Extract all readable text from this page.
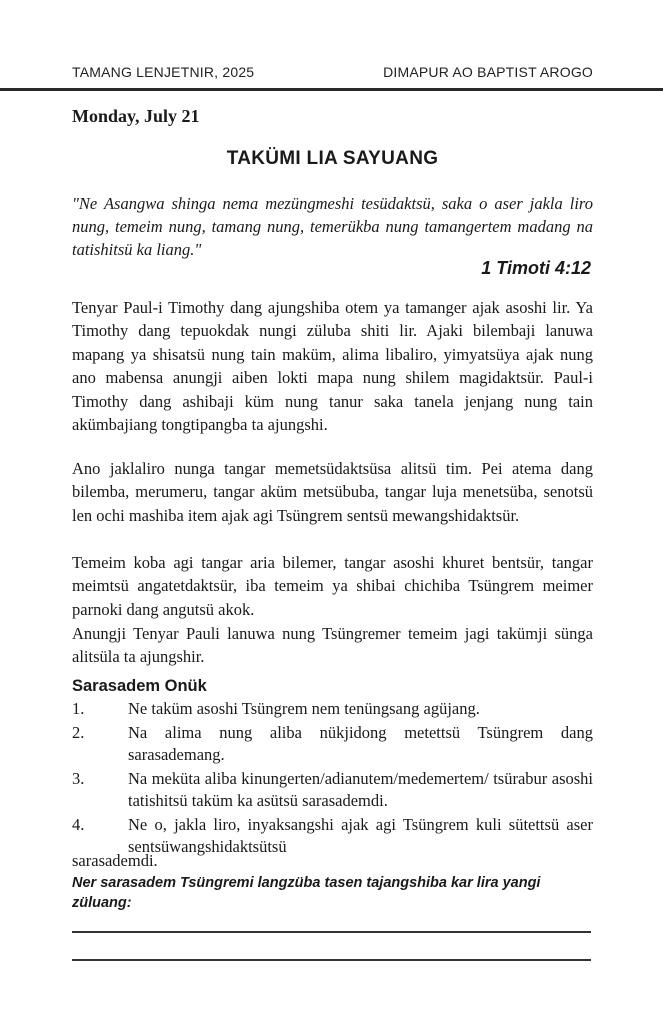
TAMANG LENJETNIR, 2025	DIMAPUR AO BAPTIST AROGO
Monday, July 21
TAKÜMI LIA SAYUANG
"Ne Asangwa shinga nema mezüngmeshi tesüdaktsü, saka o aser jakla liro nung, temeim nung, tamang nung, temerükba nung tamangertem madang na tatishitsü ka liang."
1 Timoti 4:12

Tenyar Paul-i Timothy dang ajungshiba otem ya tamanger ajak asoshi lir. Ya Timothy dang tepuokdak nungi züluba shiti lir. Ajaki bilembaji lanuwa mapang ya shisatsü nung tain maküm, alima libaliro, yimyatsüya ajak nung ano mabensa anungji aiben lokti mapa nung shilem magidaktsür. Paul-i Timothy dang ashibaji küm nung tanur saka tanela jenjang nung tain akümbajiang tongtipangba ta ajungshi.

Ano jaklaliro nunga tangar memetsüdaktsüsa alitsü tim. Pei atema dang bilemba, merumeru, tangar aküm metsübuba, tangar luja menetsüba, senotsü len ochi mashiba item ajak agi Tsüngrem sentsü mewangshidaktsür.

Temeim koba agi tangar aria bilemer, tangar asoshi khuret bentsür, tangar meimtsü angatetdaktsür, iba temeim ya shibai chichiba Tsüngrem meimer parnoki dang angutsü akok.

Anungji Tenyar Pauli lanuwa nung Tsüngremer temeim jagi takümji sünga alitsüla ta ajungshir.

Sarasadem Onük
1.	Ne taküm asoshi Tsüngrem nem tenüngsang agüjang.
2.	Na alima nung aliba nükjidong metettsü Tsüngrem dang sarasademang.
3.	Na meküta aliba kinungerten/adianutem/medemertem/ tsürabur asoshi tatishitsü taküm ka asütsü sarasademdi.
4.	Ne o, jakla liro, inyaksangshi ajak agi Tsüngrem kuli sütettsü aser sentsüwangshidaktsütsü
sarasademdi.
Ner sarasadem Tsüngremi langzüba tasen tajangshiba kar lira yangi züluang:
